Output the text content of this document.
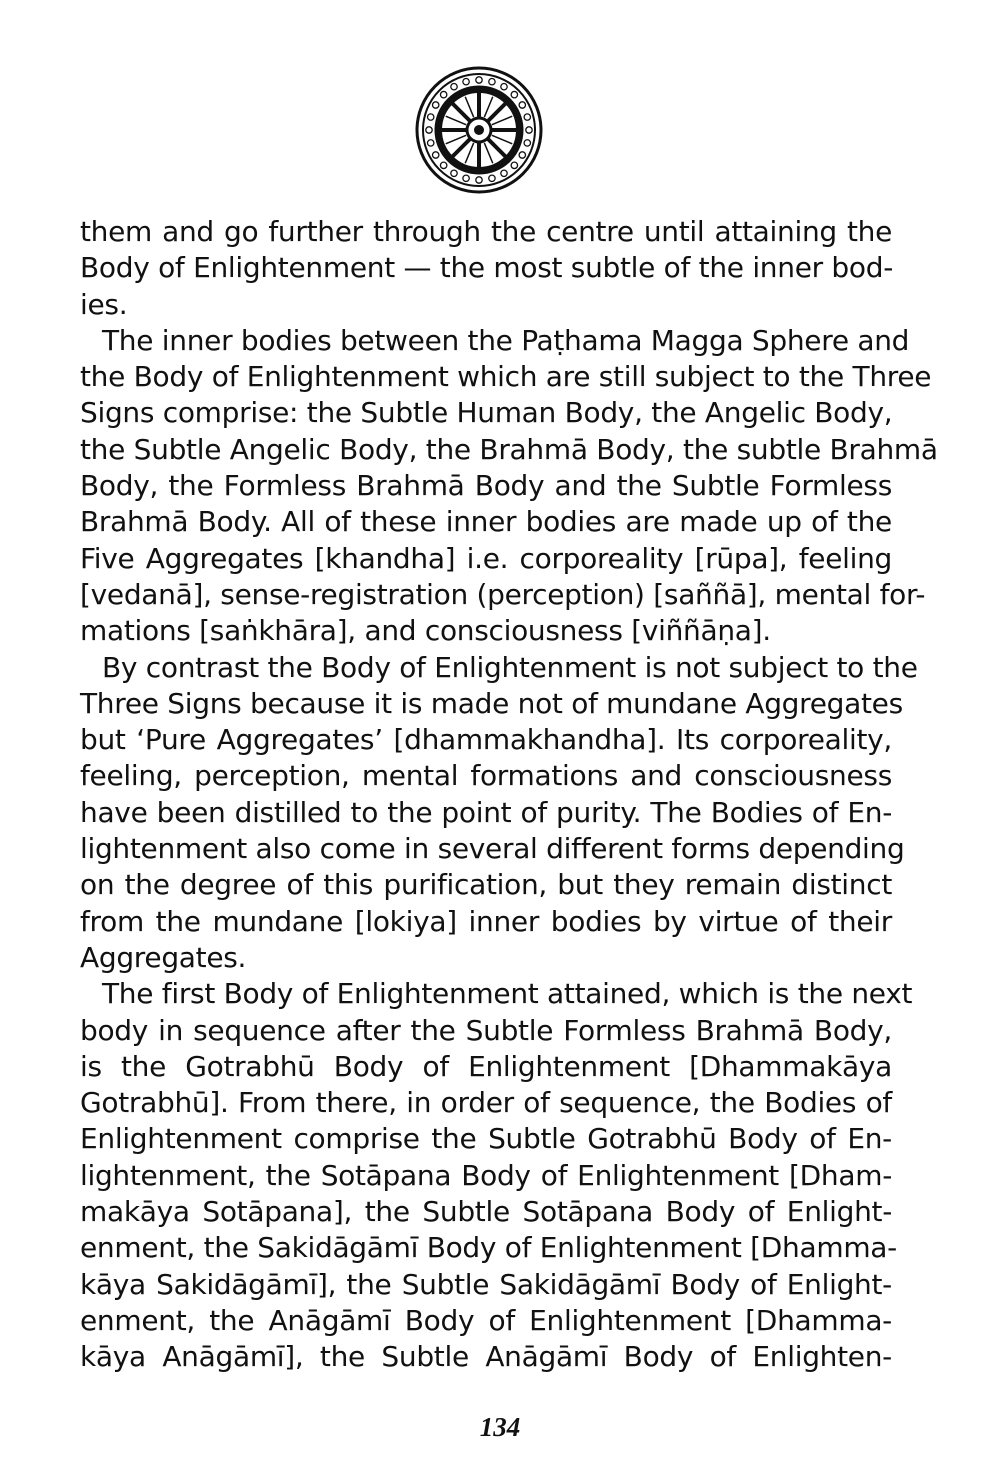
them and go further through the centre until attaining the
Body of Enlightenment — the most subtle of the inner bod-
ies.
The inner bodies between the Paṭhama Magga Sphere and
the Body of Enlightenment which are still subject to the Three
Signs comprise: the Subtle Human Body, the Angelic Body,
the Subtle Angelic Body, the Brahmā Body, the subtle Brahmā
Body, the Formless Brahmā Body and the Subtle Formless
Brahmā Body. All of these inner bodies are made up of the
Five Aggregates [khandha] i.e. corporeality [rūpa], feeling
[vedanā], sense-registration (perception) [saññā], mental for-
mations [saṅkhāra], and consciousness [viññāṇa].
By contrast the Body of Enlightenment is not subject to the
Three Signs because it is made not of mundane Aggregates
but ‘Pure Aggregates’ [dhammakhandha]. Its corporeality,
feeling, perception, mental formations and consciousness
have been distilled to the point of purity. The Bodies of En-
lightenment also come in several different forms depending
on the degree of this purification, but they remain distinct
from the mundane [lokiya] inner bodies by virtue of their
Aggregates.
The first Body of Enlightenment attained, which is the next
body in sequence after the Subtle Formless Brahmā Body,
is the Gotrabhū Body of Enlightenment [Dhammakāya
Gotrabhū]. From there, in order of sequence, the Bodies of
Enlightenment comprise the Subtle Gotrabhū Body of En-
lightenment, the Sotāpana Body of Enlightenment [Dham-
makāya Sotāpana], the Subtle Sotāpana Body of Enlight-
enment, the Sakidāgāmī Body of Enlightenment [Dhamma-
kāya Sakidāgāmī], the Subtle Sakidāgāmī Body of Enlight-
enment, the Anāgāmī Body of Enlightenment [Dhamma-
kāya Anāgāmī], the Subtle Anāgāmī Body of Enlighten-
134
